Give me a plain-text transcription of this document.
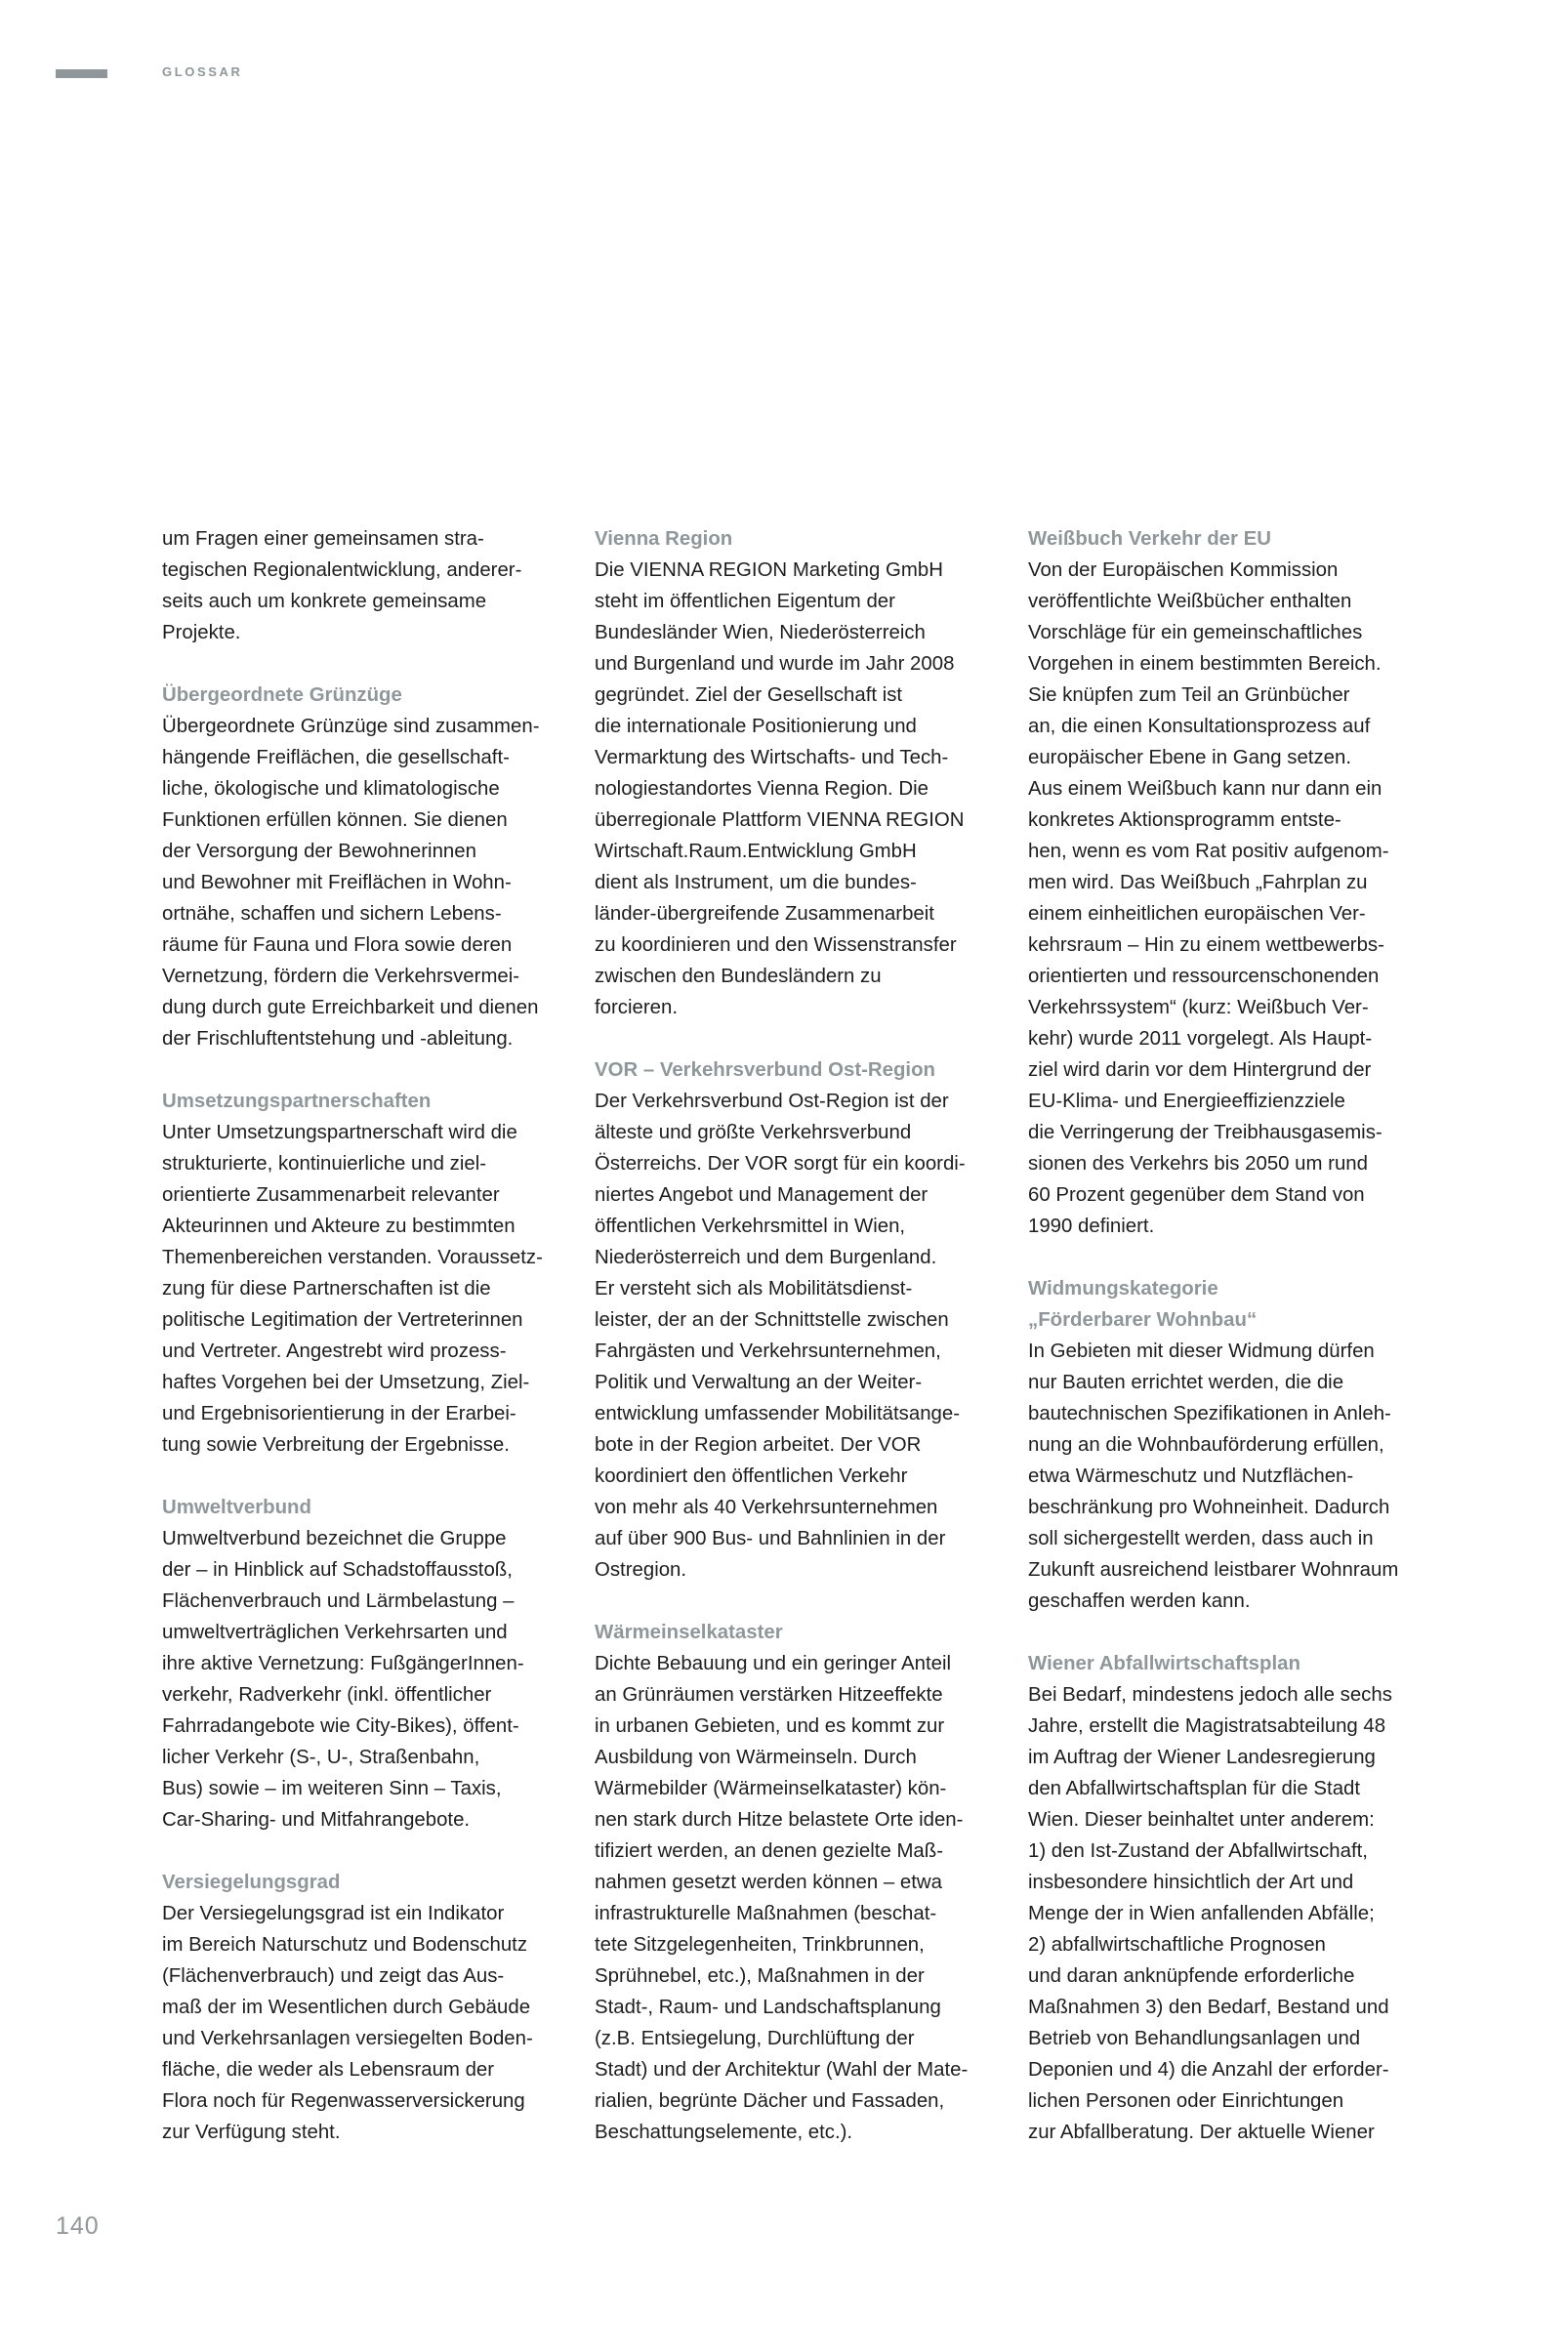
GLOSSAR

um Fragen einer gemeinsamen stra-

tegischen Regionalentwicklung, anderer-

seits auch um konkrete gemeinsame

Projekte.

Übergeordnete Grünzüge

Übergeordnete Grünzüge sind zusammen-

hängende Freiflächen, die gesellschaft-

liche, ökologische und klimatologische

Funktionen erfüllen können. Sie dienen

der Versorgung der Bewohnerinnen

und Bewohner mit Freiflächen in Wohn-

ortnähe, schaffen und sichern Lebens-

räume für Fauna und Flora sowie deren

Vernetzung, fördern die Verkehrsvermei-

dung durch gute Erreichbarkeit und dienen

der Frischluftentstehung und -ableitung.

Umsetzungspartnerschaften

Unter Umsetzungspartnerschaft wird die

strukturierte, kontinuierliche und ziel-

orientierte Zusammenarbeit relevanter

Akteurinnen und Akteure zu bestimmten

Themenbereichen verstanden. Voraussetz-

zung für diese Partnerschaften ist die

politische Legitimation der Vertreterinnen

und Vertreter. Angestrebt wird prozess-

haftes Vorgehen bei der Umsetzung, Ziel-

und Ergebnisorientierung in der Erarbei-

tung sowie Verbreitung der Ergebnisse.

Umweltverbund

Umweltverbund bezeichnet die Gruppe

der – in Hinblick auf Schadstoffausstoß,

Flächenverbrauch und Lärmbelastung –

umweltverträglichen Verkehrsarten und

ihre aktive Vernetzung: FußgängerInnen-

verkehr, Radverkehr (inkl. öffentlicher

Fahrradangebote wie City-Bikes), öffent-

licher Verkehr (S-, U-, Straßenbahn,

Bus) sowie – im weiteren Sinn – Taxis,

Car-Sharing- und Mitfahrangebote.

Versiegelungsgrad

Der Versiegelungsgrad ist ein Indikator

im Bereich Naturschutz und Bodenschutz

(Flächenverbrauch) und zeigt das Aus-

maß der im Wesentlichen durch Gebäude

und Verkehrsanlagen versiegelten Boden-

fläche, die weder als Lebensraum der

Flora noch für Regenwasserversickerung

zur Verfügung steht.

Vienna Region

Die VIENNA REGION Marketing GmbH

steht im öffentlichen Eigentum der

Bundesländer Wien, Niederösterreich

und Burgenland und wurde im Jahr 2008

gegründet. Ziel der Gesellschaft ist

die internationale Positionierung und

Vermarktung des Wirtschafts- und Tech-

nologiestandortes Vienna Region. Die

überregionale Plattform VIENNA REGION

Wirtschaft.Raum.Entwicklung GmbH

dient als Instrument, um die bundes-

länder-übergreifende Zusammenarbeit

zu koordinieren und den Wissenstransfer

zwischen den Bundesländern zu

forcieren.

VOR – Verkehrsverbund Ost-Region

Der Verkehrsverbund Ost-Region ist der

älteste und größte Verkehrsverbund

Österreichs. Der VOR sorgt für ein koordi-

niertes Angebot und Management der

öffentlichen Verkehrsmittel in Wien,

Niederösterreich und dem Burgenland.

Er versteht sich als Mobilitätsdienst-

leister, der an der Schnittstelle zwischen

Fahrgästen und Verkehrsunternehmen,

Politik und Verwaltung an der Weiter-

entwicklung umfassender Mobilitätsange-

bote in der Region arbeitet. Der VOR

koordiniert den öffentlichen Verkehr

von mehr als 40 Verkehrsunternehmen

auf über 900 Bus- und Bahnlinien in der

Ostregion.

Wärmeinselkataster

Dichte Bebauung und ein geringer Anteil

an Grünräumen verstärken Hitzeeffekte

in urbanen Gebieten, und es kommt zur

Ausbildung von Wärmeinseln. Durch

Wärmebilder (Wärmeinselkataster) kön-

nen stark durch Hitze belastete Orte iden-

tifiziert werden, an denen gezielte Maß-

nahmen gesetzt werden können – etwa

infrastrukturelle Maßnahmen (beschat-

tete Sitzgelegenheiten, Trinkbrunnen,

Sprühnebel, etc.), Maßnahmen in der

Stadt-, Raum- und Landschaftsplanung

(z.B. Entsiegelung, Durchlüftung der

Stadt) und der Architektur (Wahl der Mate-

rialien, begrünte Dächer und Fassaden,

Beschattungselemente, etc.).

Weißbuch Verkehr der EU

Von der Europäischen Kommission

veröffentlichte Weißbücher enthalten

Vorschläge für ein gemeinschaftliches

Vorgehen in einem bestimmten Bereich.

Sie knüpfen zum Teil an Grünbücher

an, die einen Konsultationsprozess auf

europäischer Ebene in Gang setzen.

Aus einem Weißbuch kann nur dann ein

konkretes Aktionsprogramm entste-

hen, wenn es vom Rat positiv aufgenom-

men wird. Das Weißbuch „Fahrplan zu

einem einheitlichen europäischen Ver-

kehrsraum – Hin zu einem wettbewerbs-

orientierten und ressourcenschonenden

Verkehrssystem“ (kurz: Weißbuch Ver-

kehr) wurde 2011 vorgelegt. Als Haupt-

ziel wird darin vor dem Hintergrund der

EU-Klima- und Energieeffizienzziele

die Verringerung der Treibhausgasemis-

sionen des Verkehrs bis 2050 um rund

60 Prozent gegenüber dem Stand von

1990 definiert.

Widmungskategorie

„Förderbarer Wohnbau“

In Gebieten mit dieser Widmung dürfen

nur Bauten errichtet werden, die die

bautechnischen Spezifikationen in Anleh-

nung an die Wohnbauförderung erfüllen,

etwa Wärmeschutz und Nutzflächen-

beschränkung pro Wohneinheit. Dadurch

soll sichergestellt werden, dass auch in

Zukunft ausreichend leistbarer Wohnraum

geschaffen werden kann.

Wiener Abfallwirtschaftsplan

Bei Bedarf, mindestens jedoch alle sechs

Jahre, erstellt die Magistratsabteilung 48

im Auftrag der Wiener Landesregierung

den Abfallwirtschaftsplan für die Stadt

Wien. Dieser beinhaltet unter anderem:

1) den Ist-Zustand der Abfallwirtschaft,

insbesondere hinsichtlich der Art und

Menge der in Wien anfallenden Abfälle;

2) abfallwirtschaftliche Prognosen

und daran anknüpfende erforderliche

Maßnahmen 3) den Bedarf, Bestand und

Betrieb von Behandlungsanlagen und

Deponien und 4) die Anzahl der erforder-

lichen Personen oder Einrichtungen

zur Abfallberatung. Der aktuelle Wiener

140
